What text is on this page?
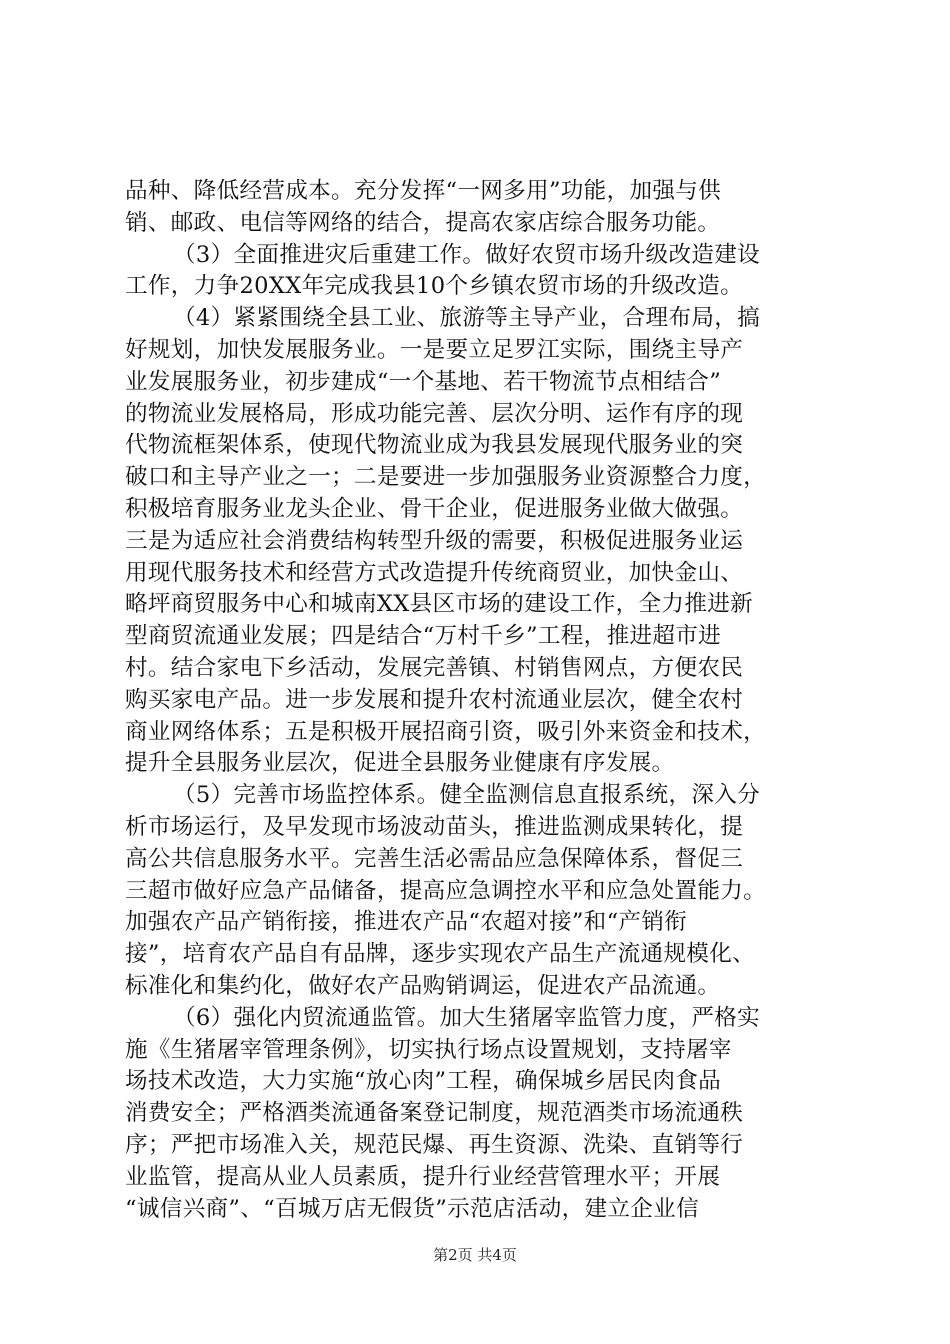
品种、降低经营成本。充分发挥“一网多用”功能，加强与供
销、邮政、电信等网络的结合，提高农家店综合服务功能。
（3）全面推进灾后重建工作。做好农贸市场升级改造建设
工作，力争20XX年完成我县10个乡镇农贸市场的升级改造。
（4）紧紧围绕全县工业、旅游等主导产业，合理布局，搞
好规划，加快发展服务业。一是要立足罗江实际，围绕主导产
业发展服务业，初步建成“一个基地、若干物流节点相结合”
的物流业发展格局，形成功能完善、层次分明、运作有序的现
代物流框架体系，使现代物流业成为我县发展现代服务业的突
破口和主导产业之一；二是要进一步加强服务业资源整合力度，
积极培育服务业龙头企业、骨干企业，促进服务业做大做强。
三是为适应社会消费结构转型升级的需要，积极促进服务业运
用现代服务技术和经营方式改造提升传统商贸业，加快金山、
略坪商贸服务中心和城南XX县区市场的建设工作，全力推进新
型商贸流通业发展；四是结合“万村千乡”工程，推进超市进
村。结合家电下乡活动，发展完善镇、村销售网点，方便农民
购买家电产品。进一步发展和提升农村流通业层次，健全农村
商业网络体系；五是积极开展招商引资，吸引外来资金和技术，
提升全县服务业层次，促进全县服务业健康有序发展。
（5）完善市场监控体系。健全监测信息直报系统，深入分
析市场运行，及早发现市场波动苗头，推进监测成果转化，提
高公共信息服务水平。完善生活必需品应急保障体系，督促三
三超市做好应急产品储备，提高应急调控水平和应急处置能力。
加强农产品产销衔接，推进农产品“农超对接”和“产销衔
接”，培育农产品自有品牌，逐步实现农产品生产流通规模化、
标准化和集约化，做好农产品购销调运，促进农产品流通。
（6）强化内贸流通监管。加大生猪屠宰监管力度，严格实
施《生猪屠宰管理条例》，切实执行场点设置规划，支持屠宰
场技术改造，大力实施“放心肉”工程，确保城乡居民肉食品
消费安全；严格酒类流通备案登记制度，规范酒类市场流通秩
序；严把市场准入关，规范民爆、再生资源、洗染、直销等行
业监管，提高从业人员素质，提升行业经营管理水平；开展
“诚信兴商”、“百城万店无假货”示范店活动，建立企业信
第2页 共4页
